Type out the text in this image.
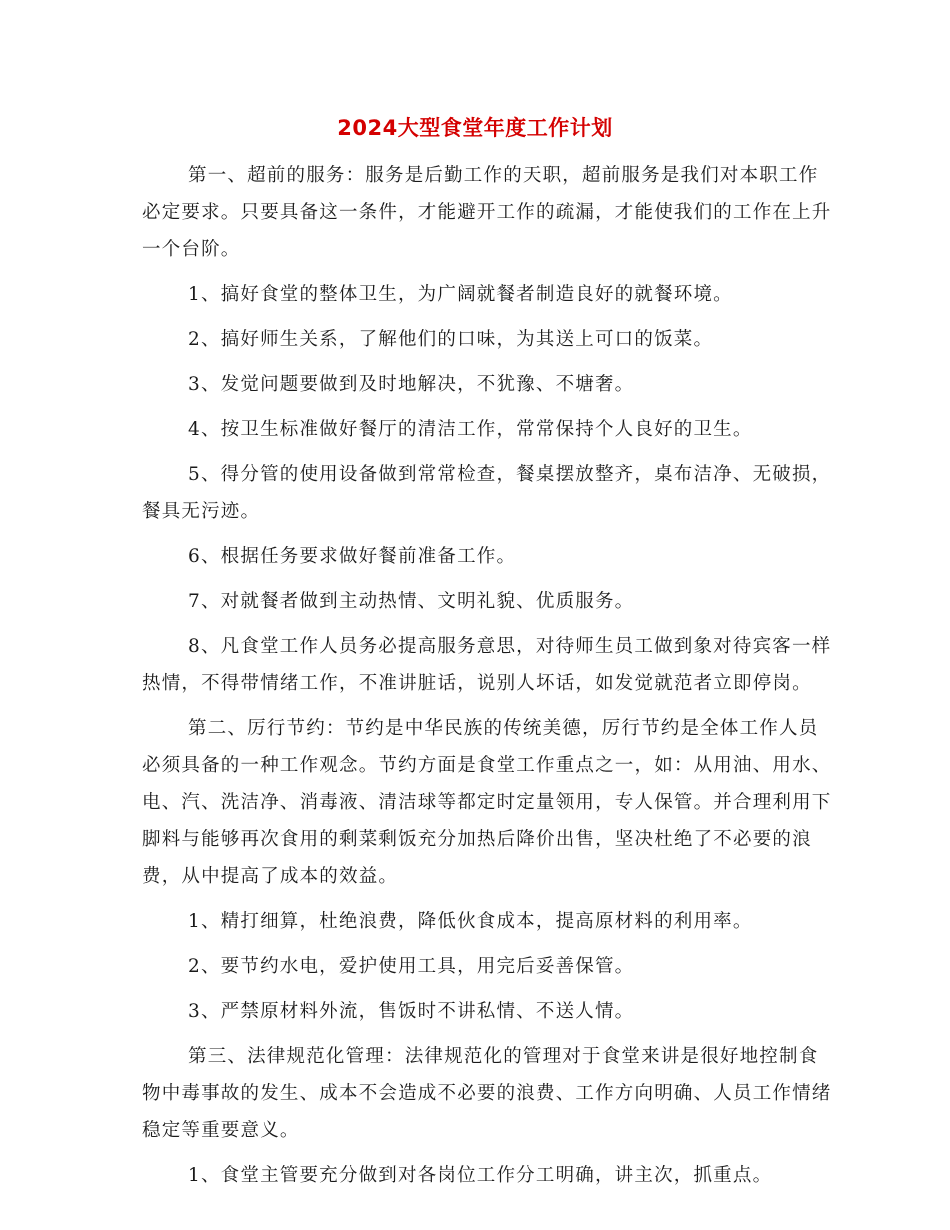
2024大型食堂年度工作计划

第一、超前的服务：服务是后勤工作的天职，超前服务是我们对本职工作必定要求。只要具备这一条件，才能避开工作的疏漏，才能使我们的工作在上升一个台阶。

1、搞好食堂的整体卫生，为广阔就餐者制造良好的就餐环境。

2、搞好师生关系，了解他们的口味，为其送上可口的饭菜。

3、发觉问题要做到及时地解决，不犹豫、不塘奢。

4、按卫生标准做好餐厅的清洁工作，常常保持个人良好的卫生。

5、得分管的使用设备做到常常检查，餐桌摆放整齐，桌布洁净、无破损，餐具无污迹。

6、根据任务要求做好餐前准备工作。

7、对就餐者做到主动热情、文明礼貌、优质服务。

8、凡食堂工作人员务必提高服务意思，对待师生员工做到象对待宾客一样热情，不得带情绪工作，不准讲脏话，说别人坏话，如发觉就范者立即停岗。

第二、厉行节约：节约是中华民族的传统美德，厉行节约是全体工作人员必须具备的一种工作观念。节约方面是食堂工作重点之一，如：从用油、用水、电、汽、洗洁净、消毒液、清洁球等都定时定量领用，专人保管。并合理利用下脚料与能够再次食用的剩菜剩饭充分加热后降价出售，坚决杜绝了不必要的浪费，从中提高了成本的效益。

1、精打细算，杜绝浪费，降低伙食成本，提高原材料的利用率。

2、要节约水电，爱护使用工具，用完后妥善保管。

3、严禁原材料外流，售饭时不讲私情、不送人情。

第三、法律规范化管理：法律规范化的管理对于食堂来讲是很好地控制食物中毒事故的发生、成本不会造成不必要的浪费、工作方向明确、人员工作情绪稳定等重要意义。

1、食堂主管要充分做到对各岗位工作分工明确，讲主次，抓重点。
